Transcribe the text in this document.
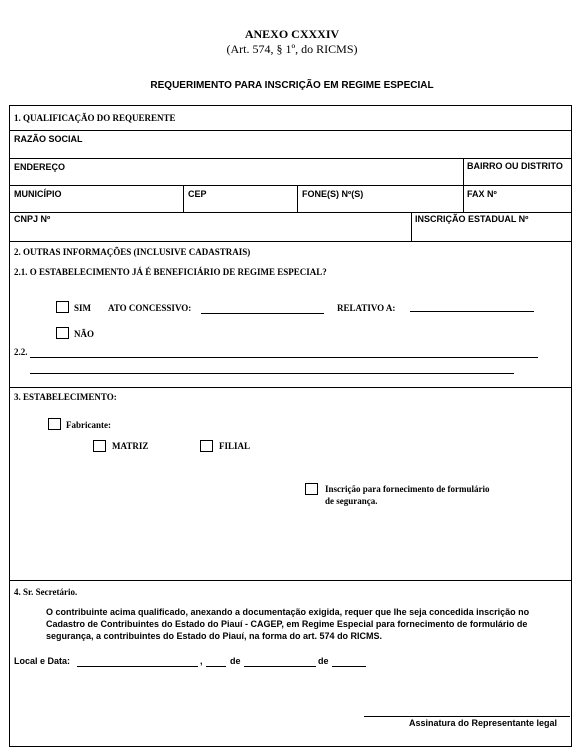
ANEXO CXXXIV
(Art. 574, § 1º, do RICMS)
REQUERIMENTO PARA INSCRIÇÃO EM REGIME ESPECIAL
1. QUALIFICAÇÃO DO REQUERENTE
RAZÃO SOCIAL
ENDEREÇO	BAIRRO OU DISTRITO
MUNICÍPIO	CEP	FONE(S) Nº(S)	FAX Nº
CNPJ Nº	INSCRIÇÃO ESTADUAL Nº
2. OUTRAS INFORMAÇÕES (INCLUSIVE CADASTRAIS)
2.1. O ESTABELECIMENTO JÁ É BENEFICIÁRIO DE REGIME ESPECIAL?
SIM ATO CONCESSIVO:	RELATIVO A:
NÃO
2.2.
3. ESTABELECIMENTO:
Fabricante:
MATRIZ	FILIAL
Inscrição para fornecimento de formulário
de segurança.
4. Sr. Secretário.
O contribuinte acima qualificado, anexando a documentação exigida, requer que lhe seja concedida inscrição no Cadastro de Contribuintes do Estado do Piauí - CAGEP, em Regime Especial para fornecimento de formulário de segurança, a contribuintes do Estado do Piauí, na forma do art. 574 do RICMS.
Local e Data:	,	de	de
Assinatura do Representante legal
